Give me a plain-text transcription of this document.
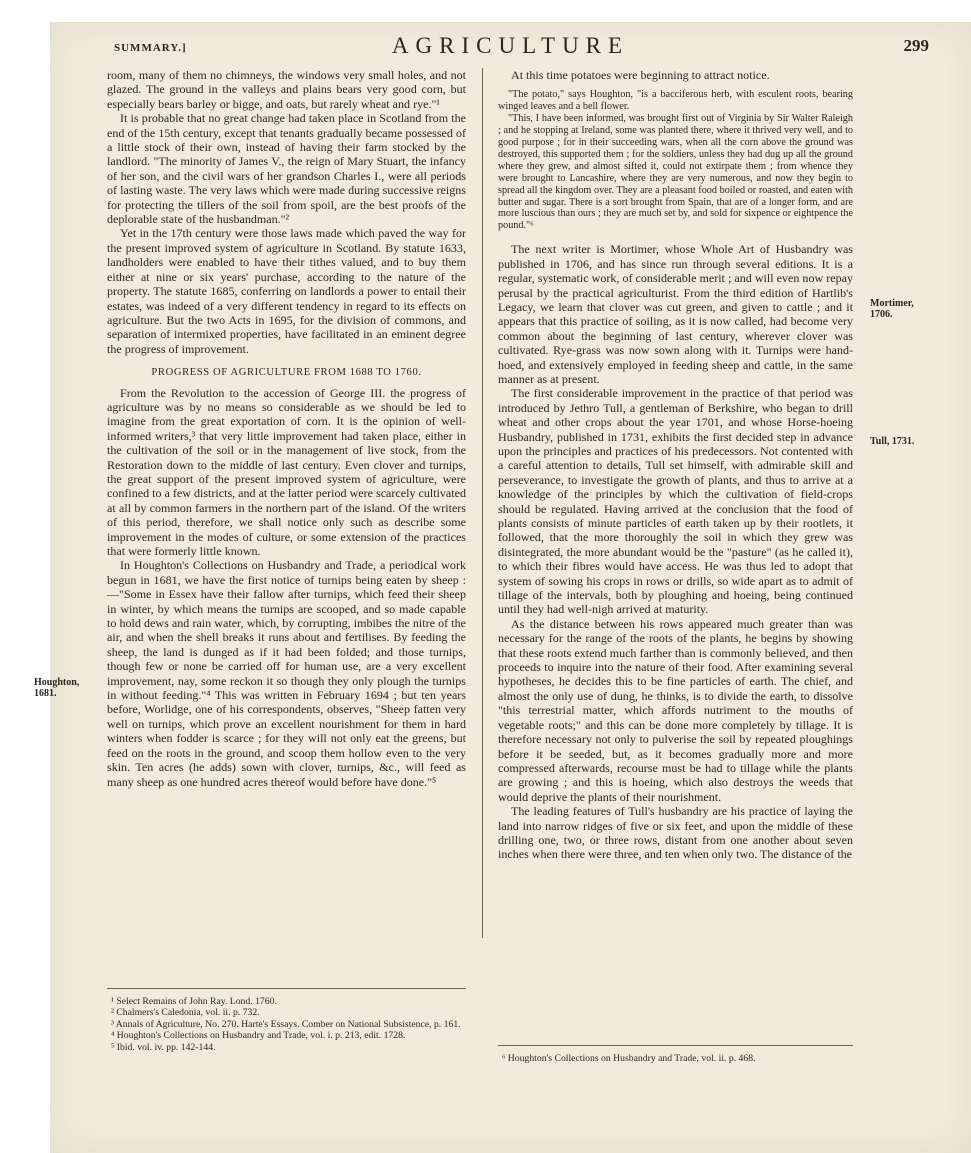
SUMMARY.]	AGRICULTURE	299

room, many of them no chimneys, the windows very small holes, and not glazed. The ground in the valleys and plains bears very good corn, but especially bears barley or bigge, and oats, but rarely wheat and rye."¹

It is probable that no great change had taken place in Scotland from the end of the 15th century, except that tenants gradually became possessed of a little stock of their own, instead of having their farm stocked by the landlord. "The minority of James V., the reign of Mary Stuart, the infancy of her son, and the civil wars of her grandson Charles I., were all periods of lasting waste. The very laws which were made during successive reigns for protecting the tillers of the soil from spoil, are the best proofs of the deplorable state of the husbandman."²

Yet in the 17th century were those laws made which paved the way for the present improved system of agriculture in Scotland. By statute 1633, landholders were enabled to have their tithes valued, and to buy them either at nine or six years' purchase, according to the nature of the property. The statute 1685, conferring on landlords a power to entail their estates, was indeed of a very different tendency in regard to its effects on agriculture. But the two Acts in 1695, for the division of commons, and separation of intermixed properties, have facilitated in an eminent degree the progress of improvement.

PROGRESS OF AGRICULTURE FROM 1688 TO 1760.

From the Revolution to the accession of George III. the progress of agriculture was by no means so considerable as we should be led to imagine from the great exportation of corn. It is the opinion of well-informed writers,³ that very little improvement had taken place, either in the cultivation of the soil or in the management of live stock, from the Restoration down to the middle of last century. Even clover and turnips, the great support of the present improved system of agriculture, were confined to a few districts, and at the latter period were scarcely cultivated at all by common farmers in the northern part of the island. Of the writers of this period, therefore, we shall notice only such as describe some improvement in the modes of culture, or some extension of the practices that were formerly little known.

In Houghton's Collections on Husbandry and Trade, a periodical work begun in 1681, we have the first notice of turnips being eaten by sheep :—"Some in Essex have their fallow after turnips, which feed their sheep in winter, by which means the turnips are scooped, and so made capable to hold dews and rain water, which, by corrupting, imbibes the nitre of the air, and when the shell breaks it runs about and fertilises. By feeding the sheep, the land is dunged as if it had been folded; and those turnips, though few or none be carried off for human use, are a very excellent improvement, nay, some reckon it so though they only plough the turnips in without feeding."⁴ This was written in February 1694 ; but ten years before, Worlidge, one of his correspondents, observes, "Sheep fatten very well on turnips, which prove an excellent nourishment for them in hard winters when fodder is scarce ; for they will not only eat the greens, but feed on the roots in the ground, and scoop them hollow even to the very skin. Ten acres (he adds) sown with clover, turnips, &c., will feed as many sheep as one hundred acres thereof would before have done."⁵

Houghton, 1681.

At this time potatoes were beginning to attract notice.

"The potato," says Houghton, "is a bacciferous herb, with esculent roots, bearing winged leaves and a bell flower.

"This, I have been informed, was brought first out of Virginia by Sir Walter Raleigh ; and he stopping at Ireland, some was planted there, where it thrived very well, and to good purpose ; for in their succeeding wars, when all the corn above the ground was destroyed, this supported them ; for the soldiers, unless they had dug up all the ground where they grew, and almost sifted it, could not extirpate them ; from whence they were brought to Lancashire, where they are very numerous, and now they begin to spread all the kingdom over. They are a pleasant food boiled or roasted, and eaten with butter and sugar. There is a sort brought from Spain, that are of a longer form, and are more luscious than ours ; they are much set by, and sold for sixpence or eightpence the pound."⁶

The next writer is Mortimer, whose Whole Art of Husbandry was published in 1706, and has since run through several editions. It is a regular, systematic work, of considerable merit ; and will even now repay perusal by the practical agriculturist. From the third edition of Hartlib's Legacy, we learn that clover was cut green, and given to cattle ; and it appears that this practice of soiling, as it is now called, had become very common about the beginning of last century, wherever clover was cultivated. Rye-grass was now sown along with it. Turnips were hand-hoed, and extensively employed in feeding sheep and cattle, in the same manner as at present.

The first considerable improvement in the practice of that period was introduced by Jethro Tull, a gentleman of Berkshire, who began to drill wheat and other crops about the year 1701, and whose Horse-hoeing Husbandry, published in 1731, exhibits the first decided step in advance upon the principles and practices of his predecessors. Not contented with a careful attention to details, Tull set himself, with admirable skill and perseverance, to investigate the growth of plants, and thus to arrive at a knowledge of the principles by which the cultivation of field-crops should be regulated. Having arrived at the conclusion that the food of plants consists of minute particles of earth taken up by their rootlets, it followed, that the more thoroughly the soil in which they grew was disintegrated, the more abundant would be the "pasture" (as he called it), to which their fibres would have access. He was thus led to adopt that system of sowing his crops in rows or drills, so wide apart as to admit of tillage of the intervals, both by ploughing and hoeing, being continued until they had well-nigh arrived at maturity.

As the distance between his rows appeared much greater than was necessary for the range of the roots of the plants, he begins by showing that these roots extend much farther than is commonly believed, and then proceeds to inquire into the nature of their food. After examining several hypotheses, he decides this to be fine particles of earth. The chief, and almost the only use of dung, he thinks, is to divide the earth, to dissolve "this terrestrial matter, which affords nutriment to the mouths of vegetable roots;" and this can be done more completely by tillage. It is therefore necessary not only to pulverise the soil by repeated ploughings before it be seeded, but, as it becomes gradually more and more compressed afterwards, recourse must be had to tillage while the plants are growing ; and this is hoeing, which also destroys the weeds that would deprive the plants of their nourishment.

The leading features of Tull's husbandry are his practice of laying the land into narrow ridges of five or six feet, and upon the middle of these drilling one, two, or three rows, distant from one another about seven inches when there were three, and ten when only two. The distance of the

Mortimer, 1706.
Tull, 1731.
¹ Select Remains of John Ray. Lond. 1760.
² Chalmers's Caledonia, vol. ii. p. 732.
³ Annals of Agriculture, No. 270. Harte's Essays. Comber on National Subsistence, p. 161.
⁴ Houghton's Collections on Husbandry and Trade, vol. i. p. 213, edit. 1728.
⁵ Ibid. vol. iv. pp. 142-144.
⁶ Houghton's Collections on Husbandry and Trade, vol. ii. p. 468.
